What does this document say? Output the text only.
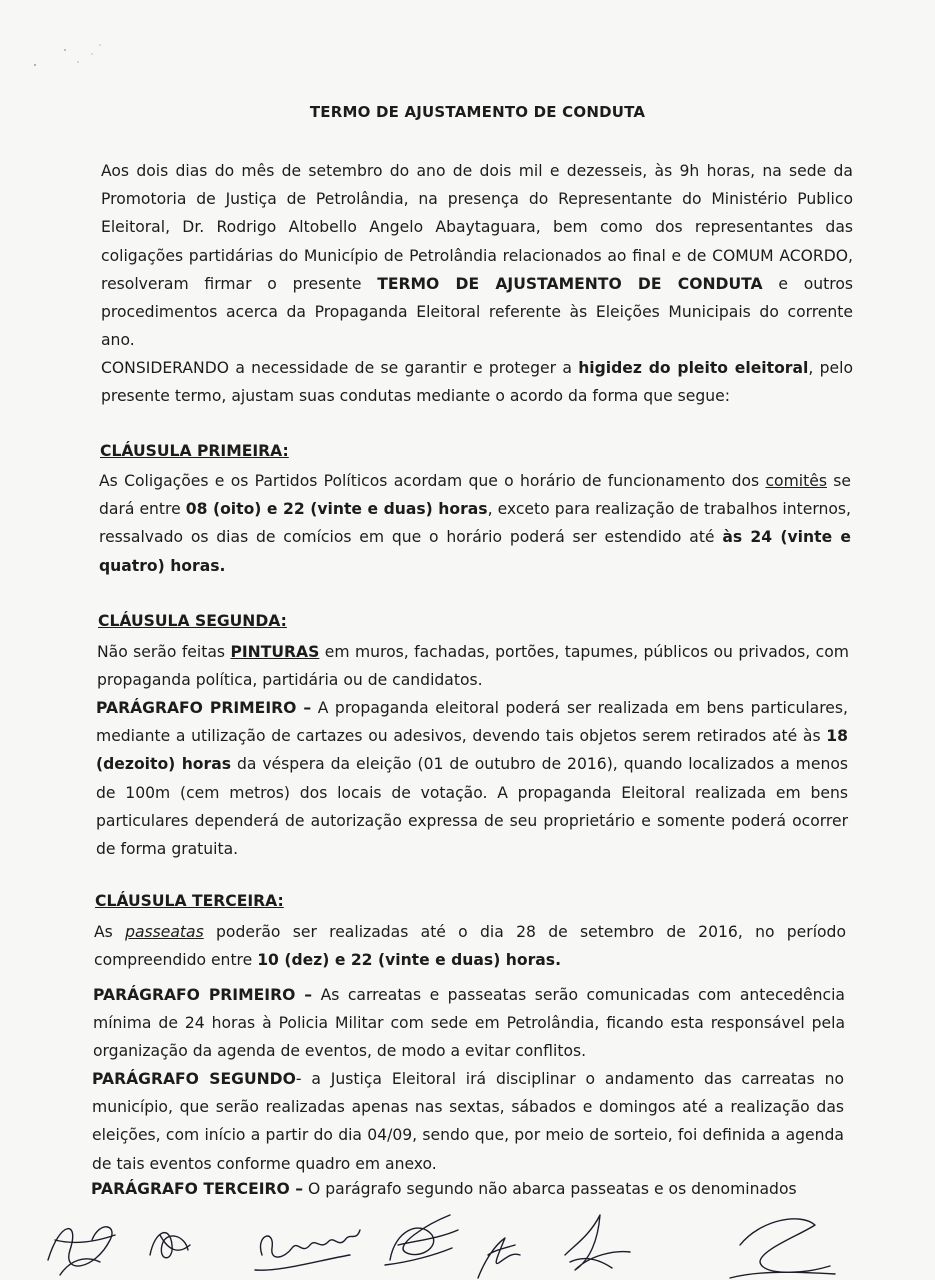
TERMO DE AJUSTAMENTO DE CONDUTA

Aos dois dias do mês de setembro do ano de dois mil e dezesseis, às 9h horas, na sede da Promotoria de Justiça de Petrolândia, na presença do Representante do Ministério Publico Eleitoral, Dr. Rodrigo Altobello Angelo Abaytaguara, bem como dos representantes das coligações partidárias do Município de Petrolândia relacionados ao final e de COMUM ACORDO, resolveram firmar o presente TERMO DE AJUSTAMENTO DE CONDUTA e outros procedimentos acerca da Propaganda Eleitoral referente às Eleições Municipais do corrente ano.

CONSIDERANDO a necessidade de se garantir e proteger a higidez do pleito eleitoral, pelo presente termo, ajustam suas condutas mediante o acordo da forma que segue:

CLÁUSULA PRIMEIRA:

As Coligações e os Partidos Políticos acordam que o horário de funcionamento dos comitês se dará entre 08 (oito) e 22 (vinte e duas) horas, exceto para realização de trabalhos internos, ressalvado os dias de comícios em que o horário poderá ser estendido até às 24 (vinte e quatro) horas.

CLÁUSULA SEGUNDA:

Não serão feitas PINTURAS em muros, fachadas, portões, tapumes, públicos ou privados, com propaganda política, partidária ou de candidatos.

PARÁGRAFO PRIMEIRO – A propaganda eleitoral poderá ser realizada em bens particulares, mediante a utilização de cartazes ou adesivos, devendo tais objetos serem retirados até às 18 (dezoito) horas da véspera da eleição (01 de outubro de 2016), quando localizados a menos de 100m (cem metros) dos locais de votação. A propaganda Eleitoral realizada em bens particulares dependerá de autorização expressa de seu proprietário e somente poderá ocorrer de forma gratuita.

CLÁUSULA TERCEIRA:

As passeatas poderão ser realizadas até o dia 28 de setembro de 2016, no período compreendido entre 10 (dez) e 22 (vinte e duas) horas.

PARÁGRAFO PRIMEIRO – As carreatas e passeatas serão comunicadas com antecedência mínima de 24 horas à Policia Militar com sede em Petrolândia, ficando esta responsável pela organização da agenda de eventos, de modo a evitar conflitos.

PARÁGRAFO SEGUNDO- a Justiça Eleitoral irá disciplinar o andamento das carreatas no município, que serão realizadas apenas nas sextas, sábados e domingos até a realização das eleições, com início a partir do dia 04/09, sendo que, por meio de sorteio, foi definida a agenda de tais eventos conforme quadro em anexo.

PARÁGRAFO TERCEIRO – O parágrafo segundo não abarca passeatas e os denominados
